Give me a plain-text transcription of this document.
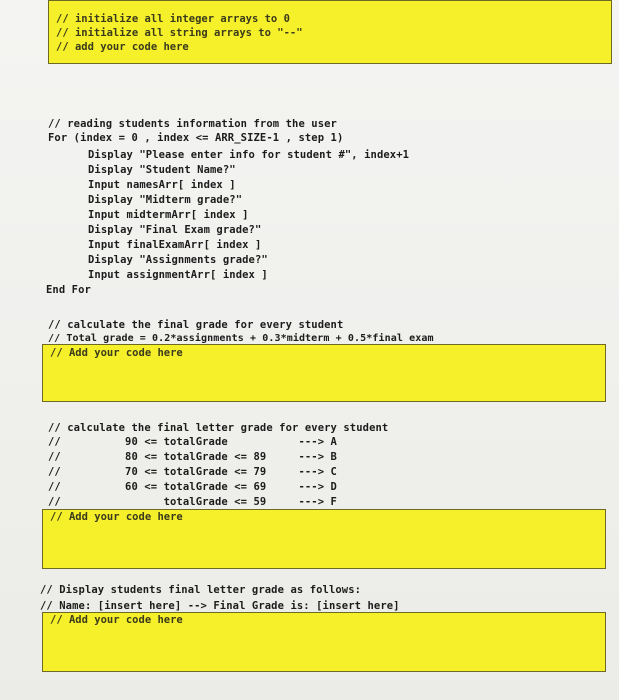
// initialize all integer arrays to 0
// initialize all string arrays to "--"
// add your code here
// reading students information from the user
For (index = 0 , index <= ARR_SIZE-1 , step 1)
Display "Please enter info for student #", index+1
Display "Student Name?"
Input namesArr[ index ]
Display "Midterm grade?"
Input midtermArr[ index ]
Display "Final Exam grade?"
Input finalExamArr[ index ]
Display "Assignments grade?"
Input assignmentArr[ index ]
End For
// calculate the final grade for every student
// Total grade = 0.2*assignments + 0.3*midterm + 0.5*final exam
// Add your code here
// calculate the final letter grade for every student
//          90 <= totalGrade           ---> A
//          80 <= totalGrade <= 89     ---> B
//          70 <= totalGrade <= 79     ---> C
//          60 <= totalGrade <= 69     ---> D
//                totalGrade <= 59     ---> F
// Add your code here
// Display students final letter grade as follows:
// Name: [insert here] --> Final Grade is: [insert here]
// Add your code here
